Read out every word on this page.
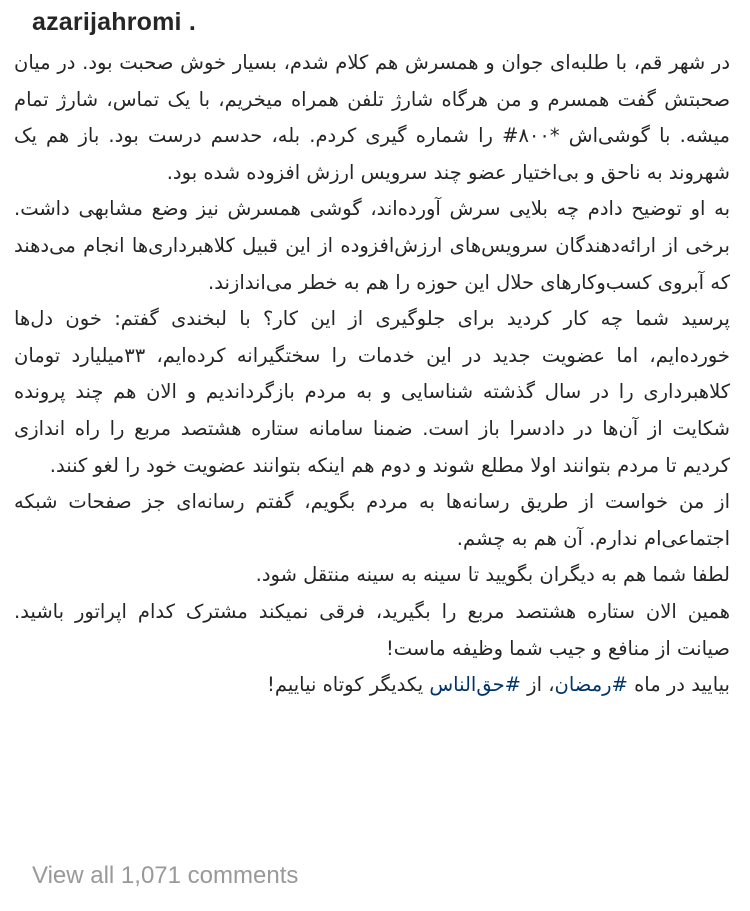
azarijahromi .

در شهر قم، با طلبه‌ای جوان و همسرش هم کلام شدم، بسیار خوش صحبت بود. در میان صحبتش گفت همسرم و من هرگاه شارژ تلفن همراه میخریم، با یک تماس، شارژ تمام میشه. با گوشی‌اش *۸۰۰# را شماره گیری کردم. بله، حدسم درست بود. باز هم یک شهروند به ناحق و بی‌اختیار عضو چند سرویس ارزش افزوده شده بود.

به او توضیح دادم چه بلایی سرش آورده‌اند، گوشی همسرش نیز وضع مشابهی داشت. برخی از ارائه‌دهندگان سرویس‌های ارزش‌افزوده از این قبیل کلاهبرداری‌ها انجام می‌دهند که آبروی کسب‌وکارهای حلال این حوزه را هم به خطر می‌اندازند.

پرسید شما چه کار کردید برای جلوگیری از این کار؟ با لبخندی گفتم: خون دل‌ها خورده‌ایم، اما عضویت جدید در این خدمات را سختگیرانه کرده‌ایم، ۳۳میلیارد تومان کلاهبرداری را در سال گذشته شناسایی و به مردم بازگرداندیم و الان هم چند پرونده شکایت از آن‌ها در دادسرا باز است. ضمنا سامانه ستاره هشتصد مربع را راه اندازی کردیم تا مردم بتوانند اولا مطلع شوند و دوم هم اینکه بتوانند عضویت خود را لغو کنند.

از من خواست از طریق رسانه‌ها به مردم بگویم، گفتم رسانه‌ای جز صفحات شبکه اجتماعی‌ام ندارم. آن هم به چشم.

لطفا شما هم به دیگران بگویید تا سینه به سینه منتقل شود.

همین الان ستاره هشتصد مربع را بگیرید، فرقی نمیکند مشترک کدام اپراتور باشید. صیانت از منافع و جیب شما وظیفه ماست!

بیایید در ماه #رمضان، از #حق‌الناس یکدیگر کوتاه نیاییم!

View all 1,071 comments
